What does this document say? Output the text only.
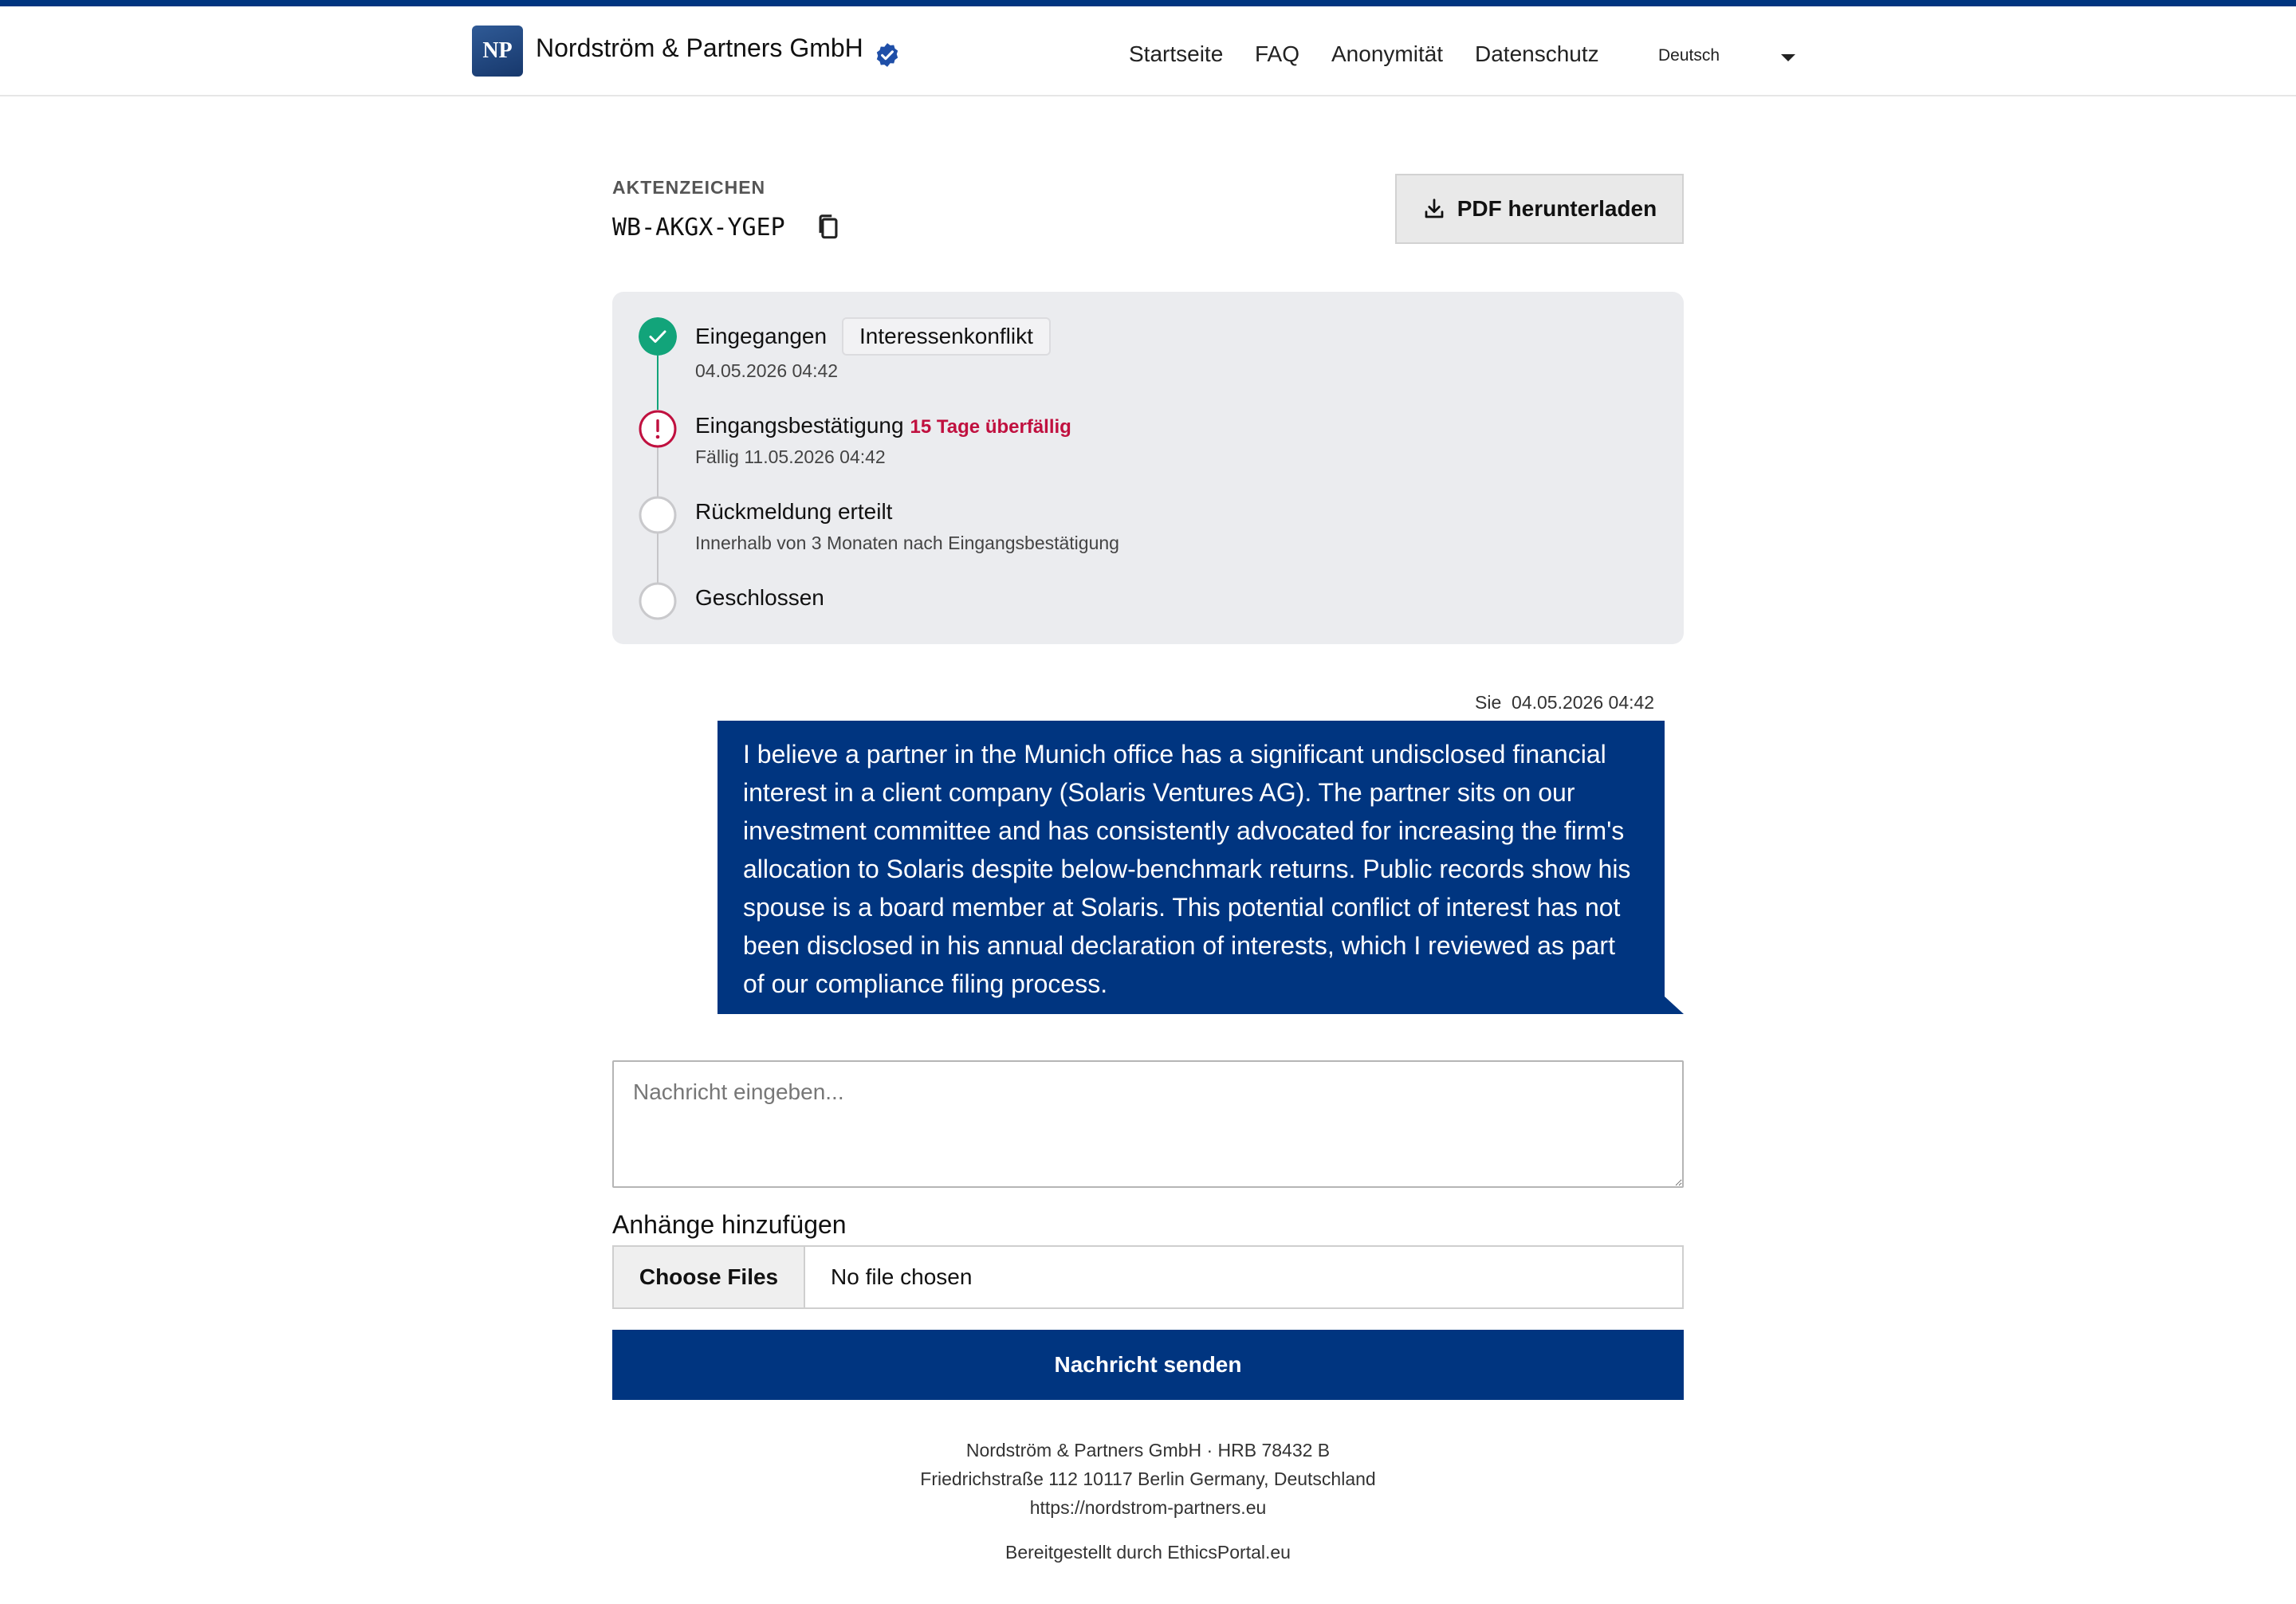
NP Nordström & Partners GmbH	Startseite FAQ Anonymität Datenschutz	Deutsch
AKTENZEICHEN
WB-AKGX-YGEP
PDF herunterladen
Eingegangen	Interessenkonflikt
04.05.2026 04:42
Eingangsbestätigung 15 Tage überfällig
Fällig 11.05.2026 04:42
Rückmeldung erteilt
Innerhalb von 3 Monaten nach Eingangsbestätigung
Geschlossen
Sie 04.05.2026 04:42
I believe a partner in the Munich office has a significant undisclosed financial interest in a client company (Solaris Ventures AG). The partner sits on our investment committee and has consistently advocated for increasing the firm's allocation to Solaris despite below-benchmark returns. Public records show his spouse is a board member at Solaris. This potential conflict of interest has not been disclosed in his annual declaration of interests, which I reviewed as part of our compliance filing process.
Nachricht eingeben...
Anhänge hinzufügen
Choose Files	No file chosen
Nachricht senden
Nordström & Partners GmbH · HRB 78432 B
Friedrichstraße 112 10117 Berlin Germany, Deutschland
https://nordstrom-partners.eu
Bereitgestellt durch EthicsPortal.eu
